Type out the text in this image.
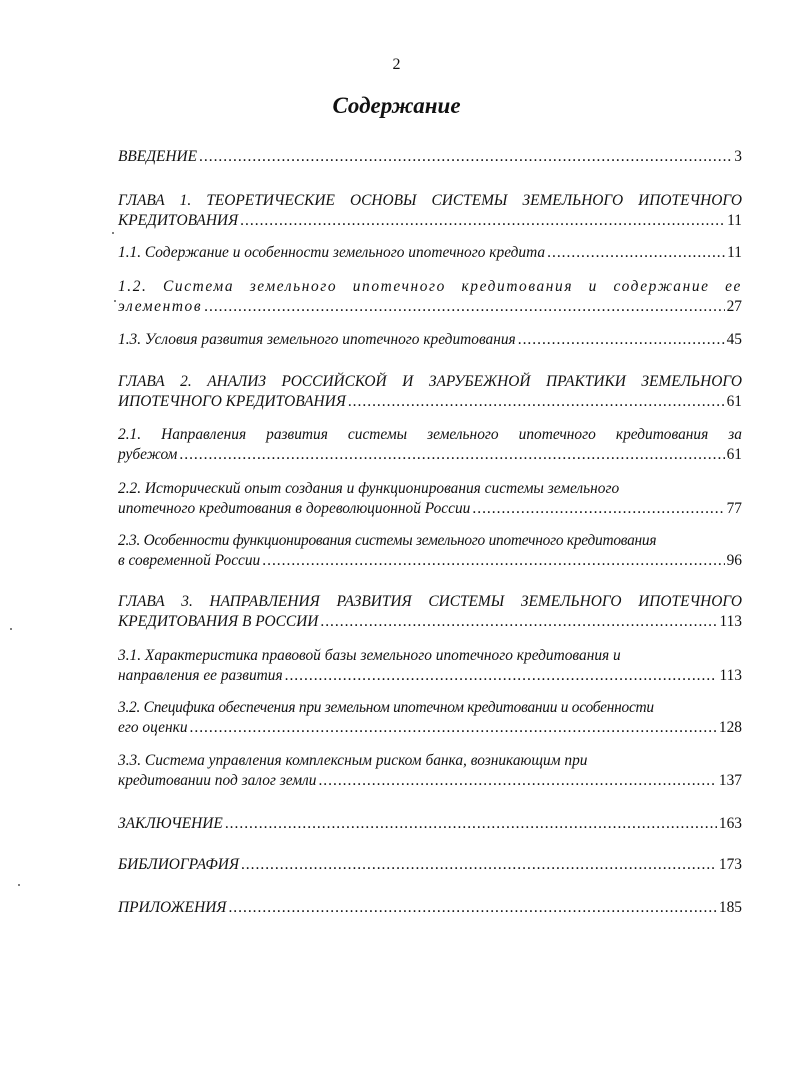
2
Содержание
ВВЕДЕНИЕ .....	3
ГЛАВА 1. ТЕОРЕТИЧЕСКИЕ ОСНОВЫ СИСТЕМЫ ЗЕМЕЛЬНОГО ИПОТЕЧНОГО
КРЕДИТОВАНИЯ .....	11
1.1. Содержание и особенности земельного ипотечного кредита .....	11
1.2. Система земельного ипотечного кредитования и содержание ее
элементов .....	27
1.3. Условия развития земельного ипотечного кредитования .....	45
ГЛАВА 2. АНАЛИЗ РОССИЙСКОЙ И ЗАРУБЕЖНОЙ ПРАКТИКИ ЗЕМЕЛЬНОГО
ИПОТЕЧНОГО КРЕДИТОВАНИЯ .....	61
2.1. Направления развития системы земельного ипотечного кредитования за
рубежом .....	61
2.2. Исторический опыт создания и функционирования системы земельного
ипотечного кредитования в дореволюционной России .....	77
2.3. Особенности функционирования системы земельного ипотечного кредитования
в современной России .....	96
ГЛАВА 3. НАПРАВЛЕНИЯ РАЗВИТИЯ СИСТЕМЫ ЗЕМЕЛЬНОГО ИПОТЕЧНОГО
КРЕДИТОВАНИЯ В РОССИИ .....	113
3.1. Характеристика правовой базы земельного ипотечного кредитования и
направления ее развития .....	113
3.2. Специфика обеспечения при земельном ипотечном кредитовании и особенности
его оценки .....	128
3.3. Система управления комплексным риском банка, возникающим при
кредитовании под залог земли .....	137
ЗАКЛЮЧЕНИЕ .....	163
БИБЛИОГРАФИЯ .....	173
ПРИЛОЖЕНИЯ .....	185
